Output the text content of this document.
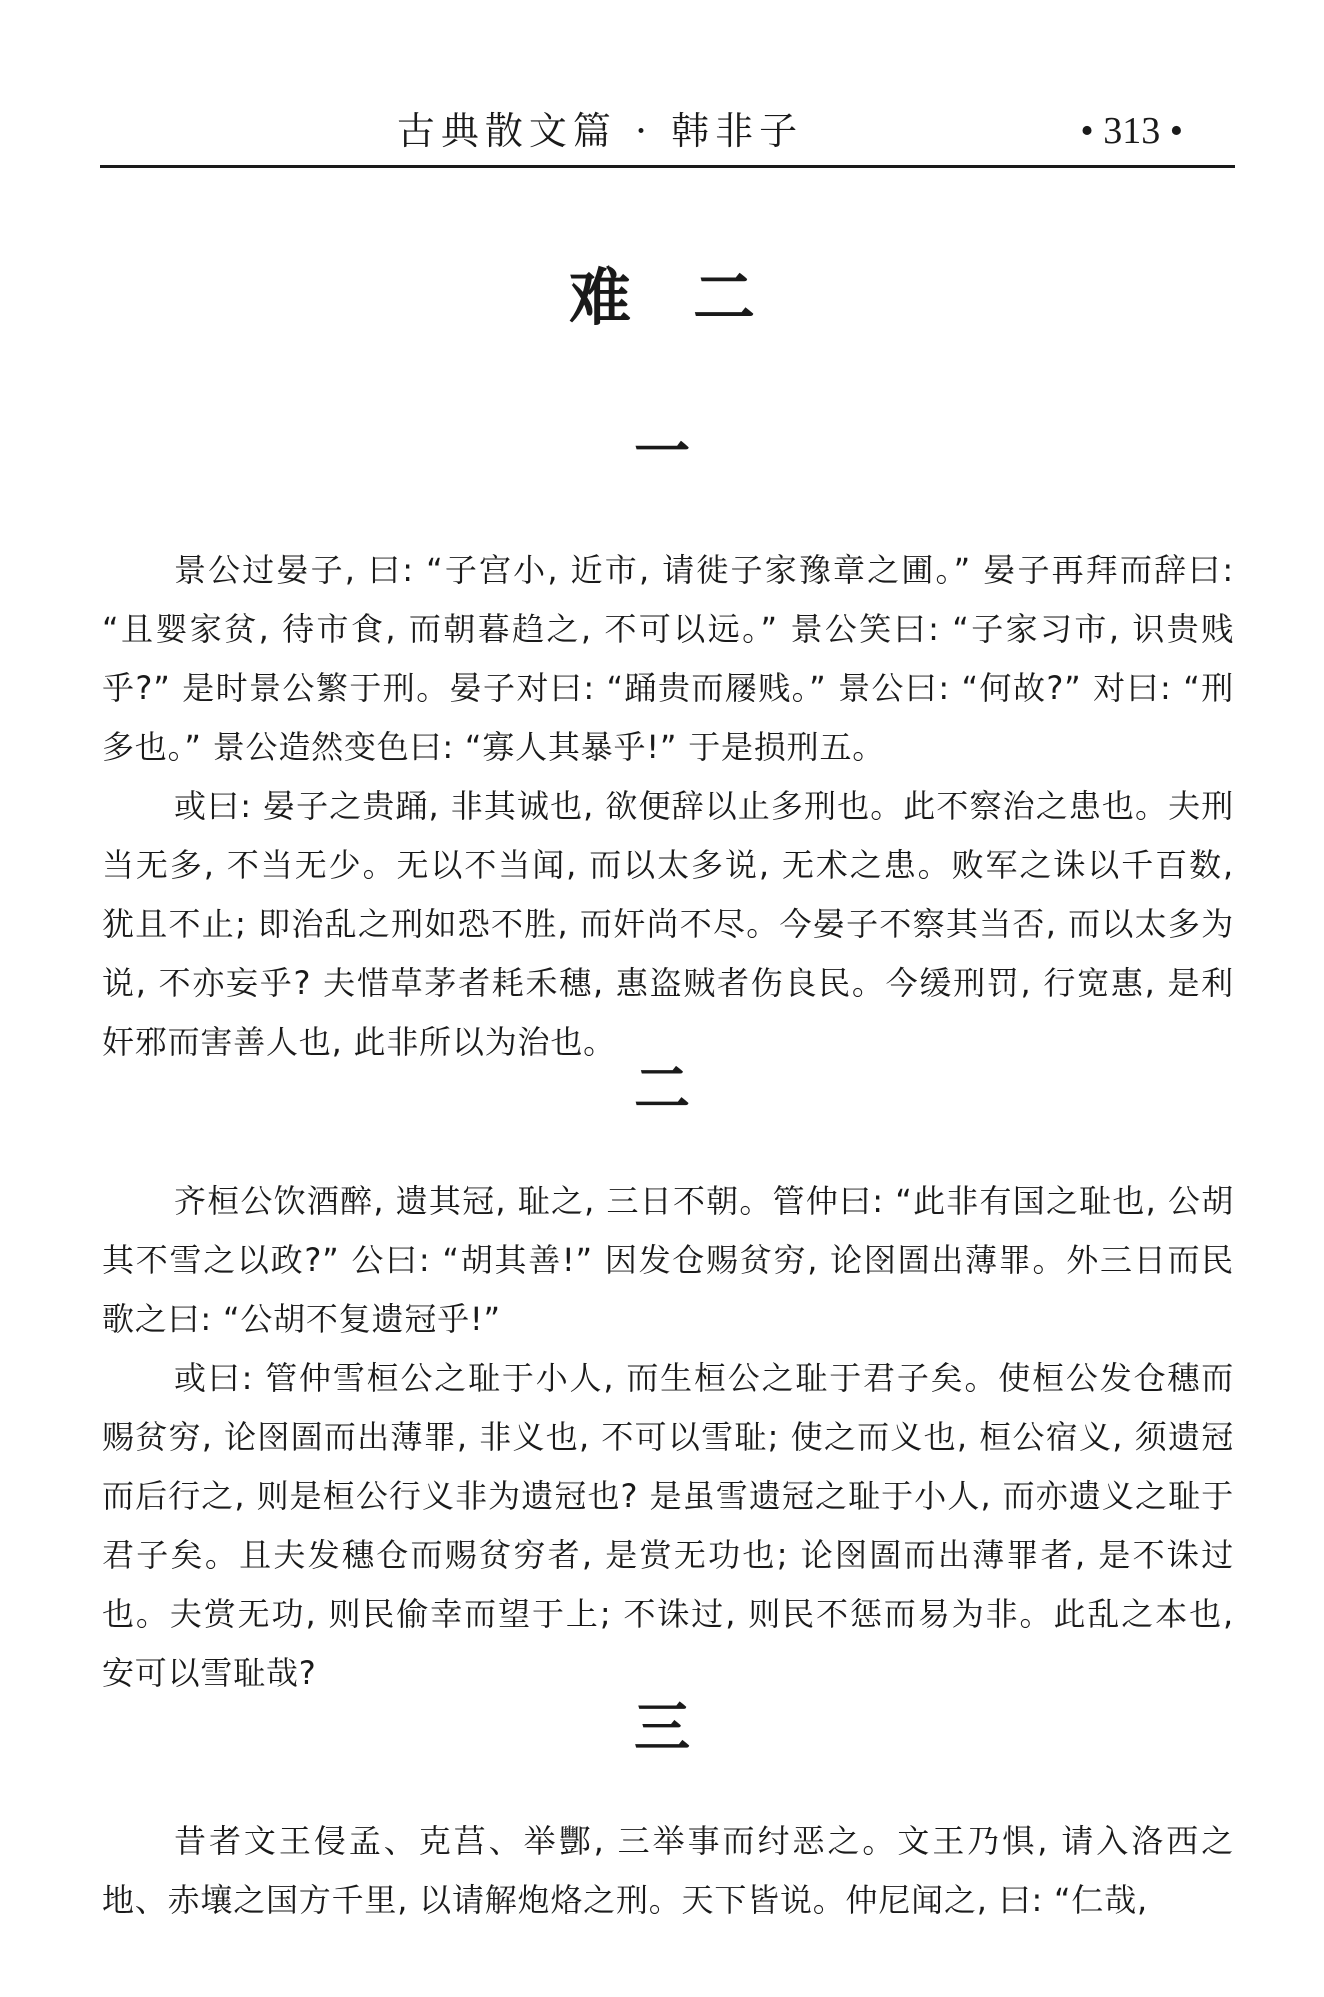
古典散文篇 · 韩非子	• 313 •
难 二
一

景公过晏子, 曰: “子宫小, 近市, 请徙子家豫章之圃。” 晏子再拜而辞曰: “且婴家贫, 待市食, 而朝暮趋之, 不可以远。” 景公笑曰: “子家习市, 识贵贱乎?” 是时景公繁于刑。晏子对曰: “踊贵而屦贱。” 景公曰: “何故?” 对曰: “刑多也。” 景公造然变色曰: “寡人其暴乎!” 于是损刑五。

或曰: 晏子之贵踊, 非其诚也, 欲便辞以止多刑也。此不察治之患也。夫刑当无多, 不当无少。无以不当闻, 而以太多说, 无术之患。败军之诛以千百数, 犹且不止; 即治乱之刑如恐不胜, 而奸尚不尽。今晏子不察其当否, 而以太多为说, 不亦妄乎? 夫惜草茅者耗禾穗, 惠盗贼者伤良民。今缓刑罚, 行宽惠, 是利奸邪而害善人也, 此非所以为治也。

二

齐桓公饮酒醉, 遗其冠, 耻之, 三日不朝。管仲曰: “此非有国之耻也, 公胡其不雪之以政?” 公曰: “胡其善!” 因发仓赐贫穷, 论囹圄出薄罪。外三日而民歌之曰: “公胡不复遗冠乎!”

或曰: 管仲雪桓公之耻于小人, 而生桓公之耻于君子矣。使桓公发仓穗而赐贫穷, 论囹圄而出薄罪, 非义也, 不可以雪耻; 使之而义也, 桓公宿义, 须遗冠而后行之, 则是桓公行义非为遗冠也? 是虽雪遗冠之耻于小人, 而亦遗义之耻于君子矣。且夫发穗仓而赐贫穷者, 是赏无功也; 论囹圄而出薄罪者, 是不诛过也。夫赏无功, 则民偷幸而望于上; 不诛过, 则民不惩而易为非。此乱之本也, 安可以雪耻哉?

三

昔者文王侵孟、克莒、举酆, 三举事而纣恶之。文王乃惧, 请入洛西之地、赤壤之国方千里, 以请解炮烙之刑。天下皆说。仲尼闻之, 曰: “仁哉,
